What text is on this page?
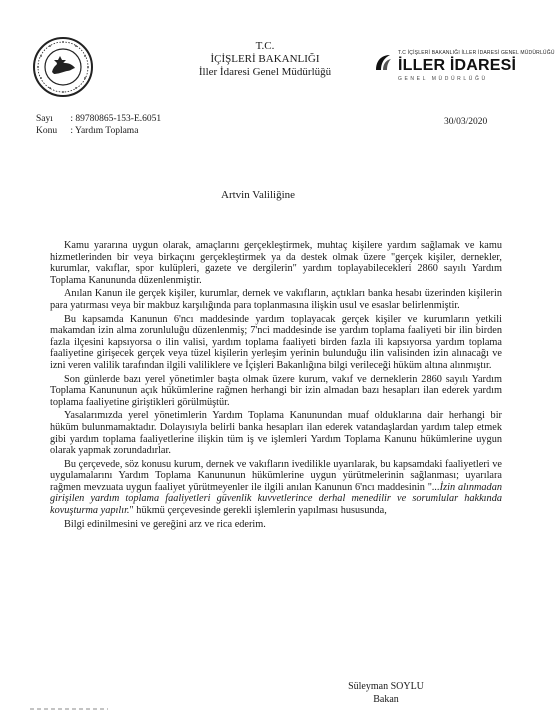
T.C.
İÇİŞLERİ BAKANLIĞI
İller İdaresi Genel Müdürlüğü
T.C İÇİŞLERİ BAKANLIĞI İLLER İDARESİ GENEL MÜDÜRLÜĞÜ
İLLER İDARESİ
GENEL MÜDÜRLÜĞÜ
Sayı : 89780865-153-E.6051
Konu : Yardım Toplama
30/03/2020
Artvin Valiliğine

Kamu yararına uygun olarak, amaçlarını gerçekleştirmek, muhtaç kişilere yardım sağlamak ve kamu hizmetlerinden bir veya birkaçını gerçekleştirmek ya da destek olmak üzere "gerçek kişiler, dernekler, kurumlar, vakıflar, spor kulüpleri, gazete ve dergilerin" yardım toplayabilecekleri 2860 sayılı Yardım Toplama Kanununda düzenlenmiştir.

Anılan Kanun ile gerçek kişiler, kurumlar, dernek ve vakıfların, açtıkları banka hesabı üzerinden kişilerin para yatırması veya bir makbuz karşılığında para toplanmasına ilişkin usul ve esaslar belirlenmiştir.

Bu kapsamda Kanunun 6'ncı maddesinde yardım toplayacak gerçek kişiler ve kurumların yetkili makamdan izin alma zorunluluğu düzenlenmiş; 7'nci maddesinde ise yardım toplama faaliyeti bir ilin birden fazla ilçesini kapsıyorsa o ilin valisi, yardım toplama faaliyeti birden fazla ili kapsıyorsa yardım toplama faaliyetine girişecek gerçek veya tüzel kişilerin yerleşim yerinin bulunduğu ilin valisinden izin alınacağı ve izni veren valilik tarafından ilgili valiliklere ve İçişleri Bakanlığına bilgi verileceği hüküm altına alınmıştır.

Son günlerde bazı yerel yönetimler başta olmak üzere kurum, vakıf ve derneklerin 2860 sayılı Yardım Toplama Kanununun açık hükümlerine rağmen herhangi bir izin almadan bazı hesapları ilan ederek yardım toplama faaliyetine giriştikleri görülmüştür.

Yasalarımızda yerel yönetimlerin Yardım Toplama Kanunundan muaf olduklarına dair herhangi bir hüküm bulunmamaktadır. Dolayısıyla belirli banka hesapları ilan ederek vatandaşlardan yardım talep etmek gibi yardım toplama faaliyetlerine ilişkin tüm iş ve işlemleri Yardım Toplama Kanunu hükümlerine uygun olarak yapmak zorundadırlar.

Bu çerçevede, söz konusu kurum, dernek ve vakıfların ivedilikle uyarılarak, bu kapsamdaki faaliyetleri ve uygulamalarını Yardım Toplama Kanununun hükümlerine uygun yürütmelerinin sağlanması; uyarılara rağmen mevzuata uygun faaliyet yürütmeyenler ile ilgili anılan Kanunun 6'ncı maddesinin "...İzin alınmadan girişilen yardım toplama faaliyetleri güvenlik kuvvetlerince derhal menedilir ve sorumlular hakkında kovuşturma yapılır." hükmü çerçevesinde gerekli işlemlerin yapılması hususunda,

Bilgi edinilmesini ve gereğini arz ve rica ederim.

Süleyman SOYLU
Bakan
